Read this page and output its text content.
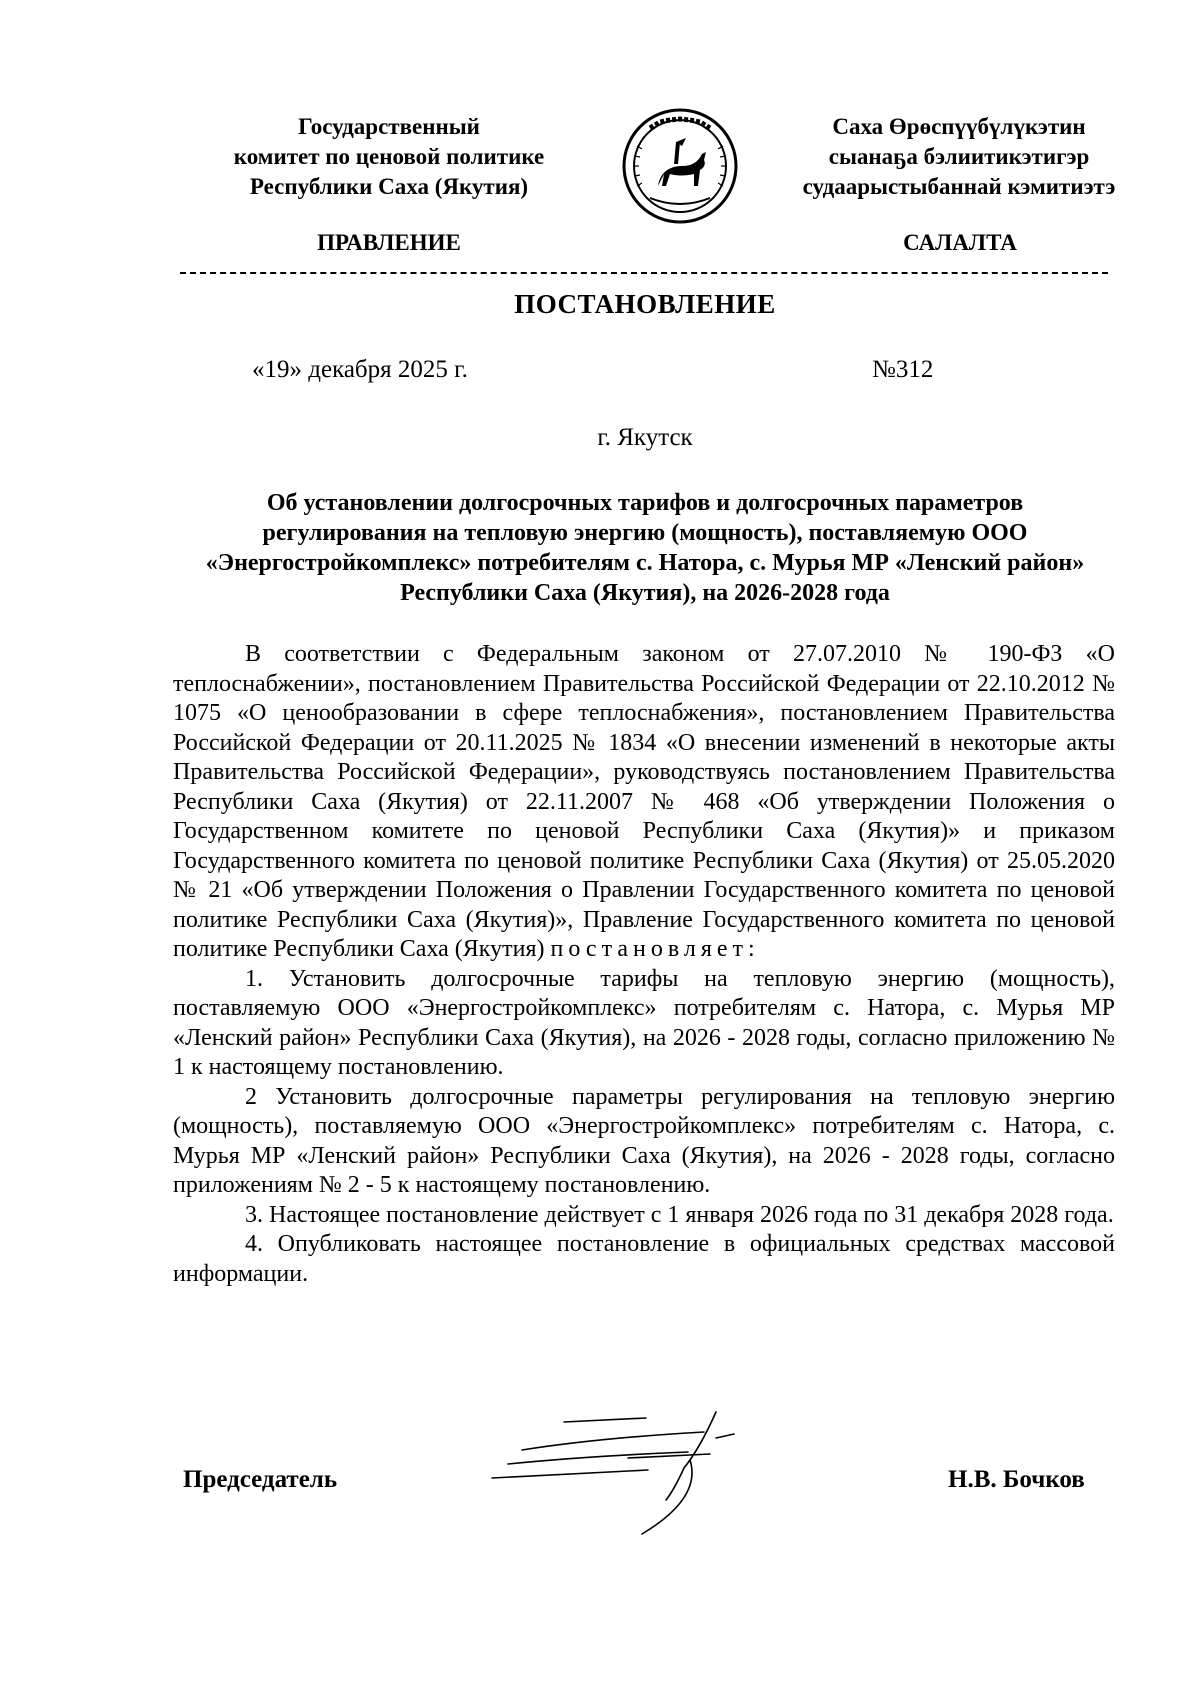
Государственный
комитет по ценовой политике
Республики Саха (Якутия)
Саха Өрөспүүбүлүкэтин
сыанаҕа бэлиитикэтигэр
судаарыстыбаннай кэмитиэтэ
ПРАВЛЕНИЕ	САЛАЛТА
ПОСТАНОВЛЕНИЕ
«19» декабря 2025 г.	№312
г. Якутск
Об установлении долгосрочных тарифов и долгосрочных параметров регулирования на тепловую энергию (мощность), поставляемую ООО «Энергостройкомплекс» потребителям с. Натора, с. Мурья МР «Ленский район» Республики Саха (Якутия), на 2026-2028 года

В соответствии с Федеральным законом от 27.07.2010 № 190-ФЗ «О теплоснабжении», постановлением Правительства Российской Федерации от 22.10.2012 № 1075 «О ценообразовании в сфере теплоснабжения», постановлением Правительства Российской Федерации от 20.11.2025 № 1834 «О внесении изменений в некоторые акты Правительства Российской Федерации», руководствуясь постановлением Правительства Республики Саха (Якутия) от 22.11.2007 № 468 «Об утверждении Положения о Государственном комитете по ценовой Республики Саха (Якутия)» и приказом Государственного комитета по ценовой политике Республики Саха (Якутия) от 25.05.2020 № 21 «Об утверждении Положения о Правлении Государственного комитета по ценовой политике Республики Саха (Якутия)», Правление Государственного комитета по ценовой политике Республики Саха (Якутия) постановляет:

1. Установить долгосрочные тарифы на тепловую энергию (мощность), поставляемую ООО «Энергостройкомплекс» потребителям с. Натора, с. Мурья МР «Ленский район» Республики Саха (Якутия), на 2026 - 2028 годы, согласно приложению № 1 к настоящему постановлению.

2 Установить долгосрочные параметры регулирования на тепловую энергию (мощность), поставляемую ООО «Энергостройкомплекс» потребителям с. Натора, с. Мурья МР «Ленский район» Республики Саха (Якутия), на 2026 - 2028 годы, согласно приложениям № 2 - 5 к настоящему постановлению.

3. Настоящее постановление действует с 1 января 2026 года по 31 декабря 2028 года.

4. Опубликовать настоящее постановление в официальных средствах массовой информации.

Председатель	Н.В. Бочков
